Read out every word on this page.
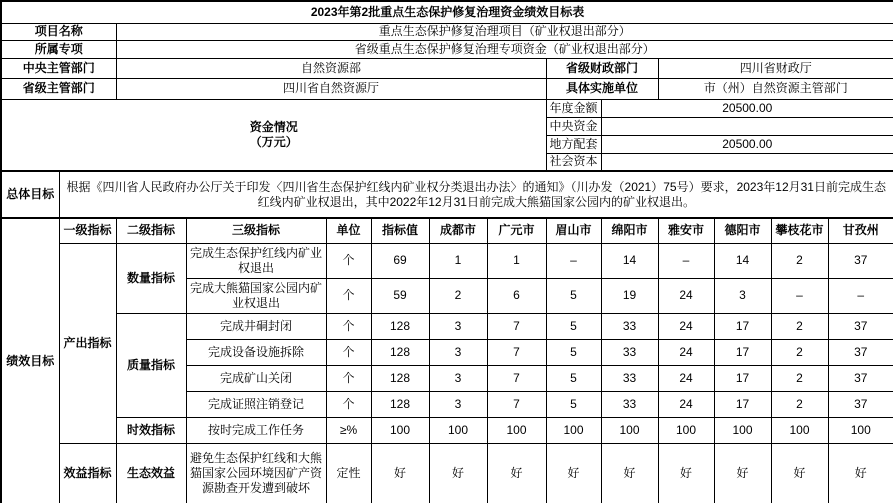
2023年第2批重点生态保护修复治理资金绩效目标表													
项目名称		重点生态保护修复治理项目（矿业权退出部分）											
所属专项		省级重点生态保护修复治理专项资金（矿业权退出部分）											
中央主管部门		自然资源部						省级财政部门		四川省财政厅			
省级主管部门		四川省自然资源厅						具体实施单位		市（州）自然资源主管部门			

资金情况
（万元）								年度金额	20500.00				
								中央资金					
								地方配套	20500.00				
								社会资本					
总体目标	根据《四川省人民政府办公厅关于印发〈四川省生态保护红线内矿业权分类退出办法〉的通知》（川办发（2021）75号）要求，2023年12月31日前完成生态红线内矿业权退出，其中2022年12月31日前完成大熊猫国家公园内的矿业权退出。												
绩效目标	一级指标	二级指标	三级指标	单位	指标值	成都市	广元市	眉山市	绵阳市	雅安市	德阳市	攀枝花市	甘孜州
	产出指标	数量指标	完成生态保护红线内矿业权退出	个	69	1	1	–	14	–	14	2	37
			完成大熊猫国家公园内矿业权退出	个	59	2	6	5	19	24	3	–	–
		质量指标	完成井硐封闭	个	128	3	7	5	33	24	17	2	37
			完成设备设施拆除	个	128	3	7	5	33	24	17	2	37
			完成矿山关闭	个	128	3	7	5	33	24	17	2	37
			完成证照注销登记	个	128	3	7	5	33	24	17	2	37
		时效指标	按时完成工作任务	≥%	100	100	100	100	100	100	100	100	100
	效益指标	生态效益	避免生态保护红线和大熊猫国家公园环境因矿产资源勘查开发遭到破坏	定性	好	好	好	好	好	好	好	好	好
